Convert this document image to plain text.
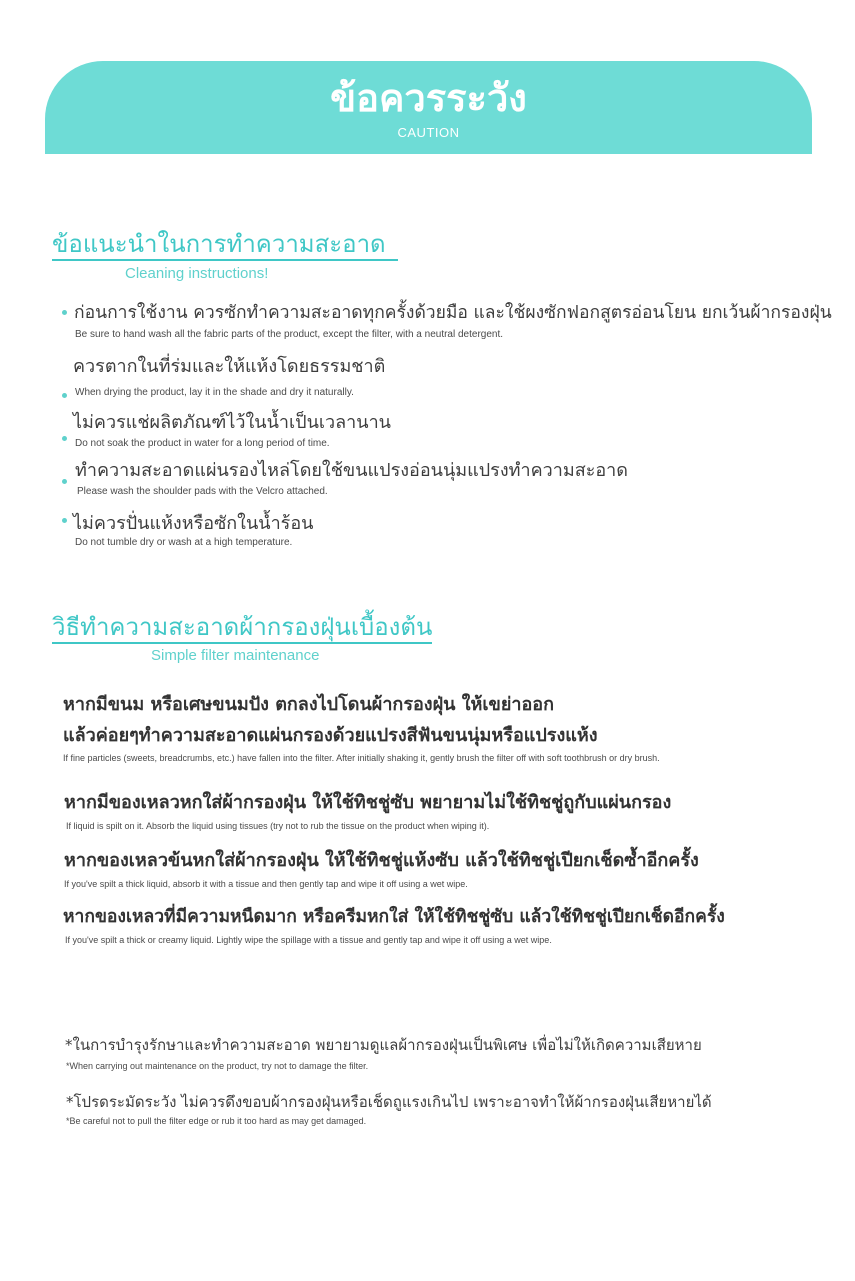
ข้อควรระวัง
CAUTION
ข้อแนะนำในการทำความสะอาด
Cleaning instructions!
ก่อนการใช้งาน ควรซักทำความสะอาดทุกครั้งด้วยมือ และใช้ผงซักฟอกสูตรอ่อนโยน ยกเว้นผ้ากรองฝุ่น
Be sure to hand wash all the fabric parts of the product, except the filter, with a neutral detergent.
ควรตากในที่ร่มและให้แห้งโดยธรรมชาติ
When drying the product, lay it in the shade and dry it naturally.
ไม่ควรแช่ผลิตภัณฑ์ไว้ในน้ำเป็นเวลานาน
Do not soak the product in water for a long period of time.
ทำความสะอาดแผ่นรองไหล่โดยใช้ขนแปรงอ่อนนุ่มแปรงทำความสะอาด
Please wash the shoulder pads with the Velcro attached.
ไม่ควรปั่นแห้งหรือซักในน้ำร้อน
Do not tumble dry or wash at a high temperature.
วิธีทำความสะอาดผ้ากรองฝุ่นเบื้องต้น
Simple filter maintenance
หากมีขนม หรือเศษขนมปัง ตกลงไปโดนผ้ากรองฝุ่น ให้เขย่าออก
แล้วค่อยๆทำความสะอาดแผ่นกรองด้วยแปรงสีฟันขนนุ่มหรือแปรงแห้ง
If fine particles (sweets, breadcrumbs, etc.) have fallen into the filter. After initially shaking it, gently brush the filter off with soft toothbrush or dry brush.
หากมีของเหลวหกใส่ผ้ากรองฝุ่น ให้ใช้ทิชชู่ซับ พยายามไม่ใช้ทิชชู่ถูกับแผ่นกรอง
If liquid is spilt on it. Absorb the liquid using tissues (try not to rub the tissue on the product when wiping it).
หากของเหลวข้นหกใส่ผ้ากรองฝุ่น ให้ใช้ทิชชู่แห้งซับ แล้วใช้ทิชชู่เปียกเช็ดซ้ำอีกครั้ง
If you've spilt a thick liquid, absorb it with a tissue and then gently tap and wipe it off using a wet wipe.
หากของเหลวที่มีความหนืดมาก หรือครีมหกใส่ ให้ใช้ทิชชู่ซับ แล้วใช้ทิชชู่เปียกเช็ดอีกครั้ง
If you've spilt a thick or creamy liquid. Lightly wipe the spillage with a tissue and gently tap and wipe it off using a wet wipe.
*ในการบำรุงรักษาและทำความสะอาด พยายามดูแลผ้ากรองฝุ่นเป็นพิเศษ เพื่อไม่ให้เกิดความเสียหาย
*When carrying out maintenance on the product, try not to damage the filter.
*โปรดระมัดระวัง ไม่ควรดึงขอบผ้ากรองฝุ่นหรือเช็ดถูแรงเกินไป เพราะอาจทำให้ผ้ากรองฝุ่นเสียหายได้
*Be careful not to pull the filter edge or rub it too hard as may get damaged.
